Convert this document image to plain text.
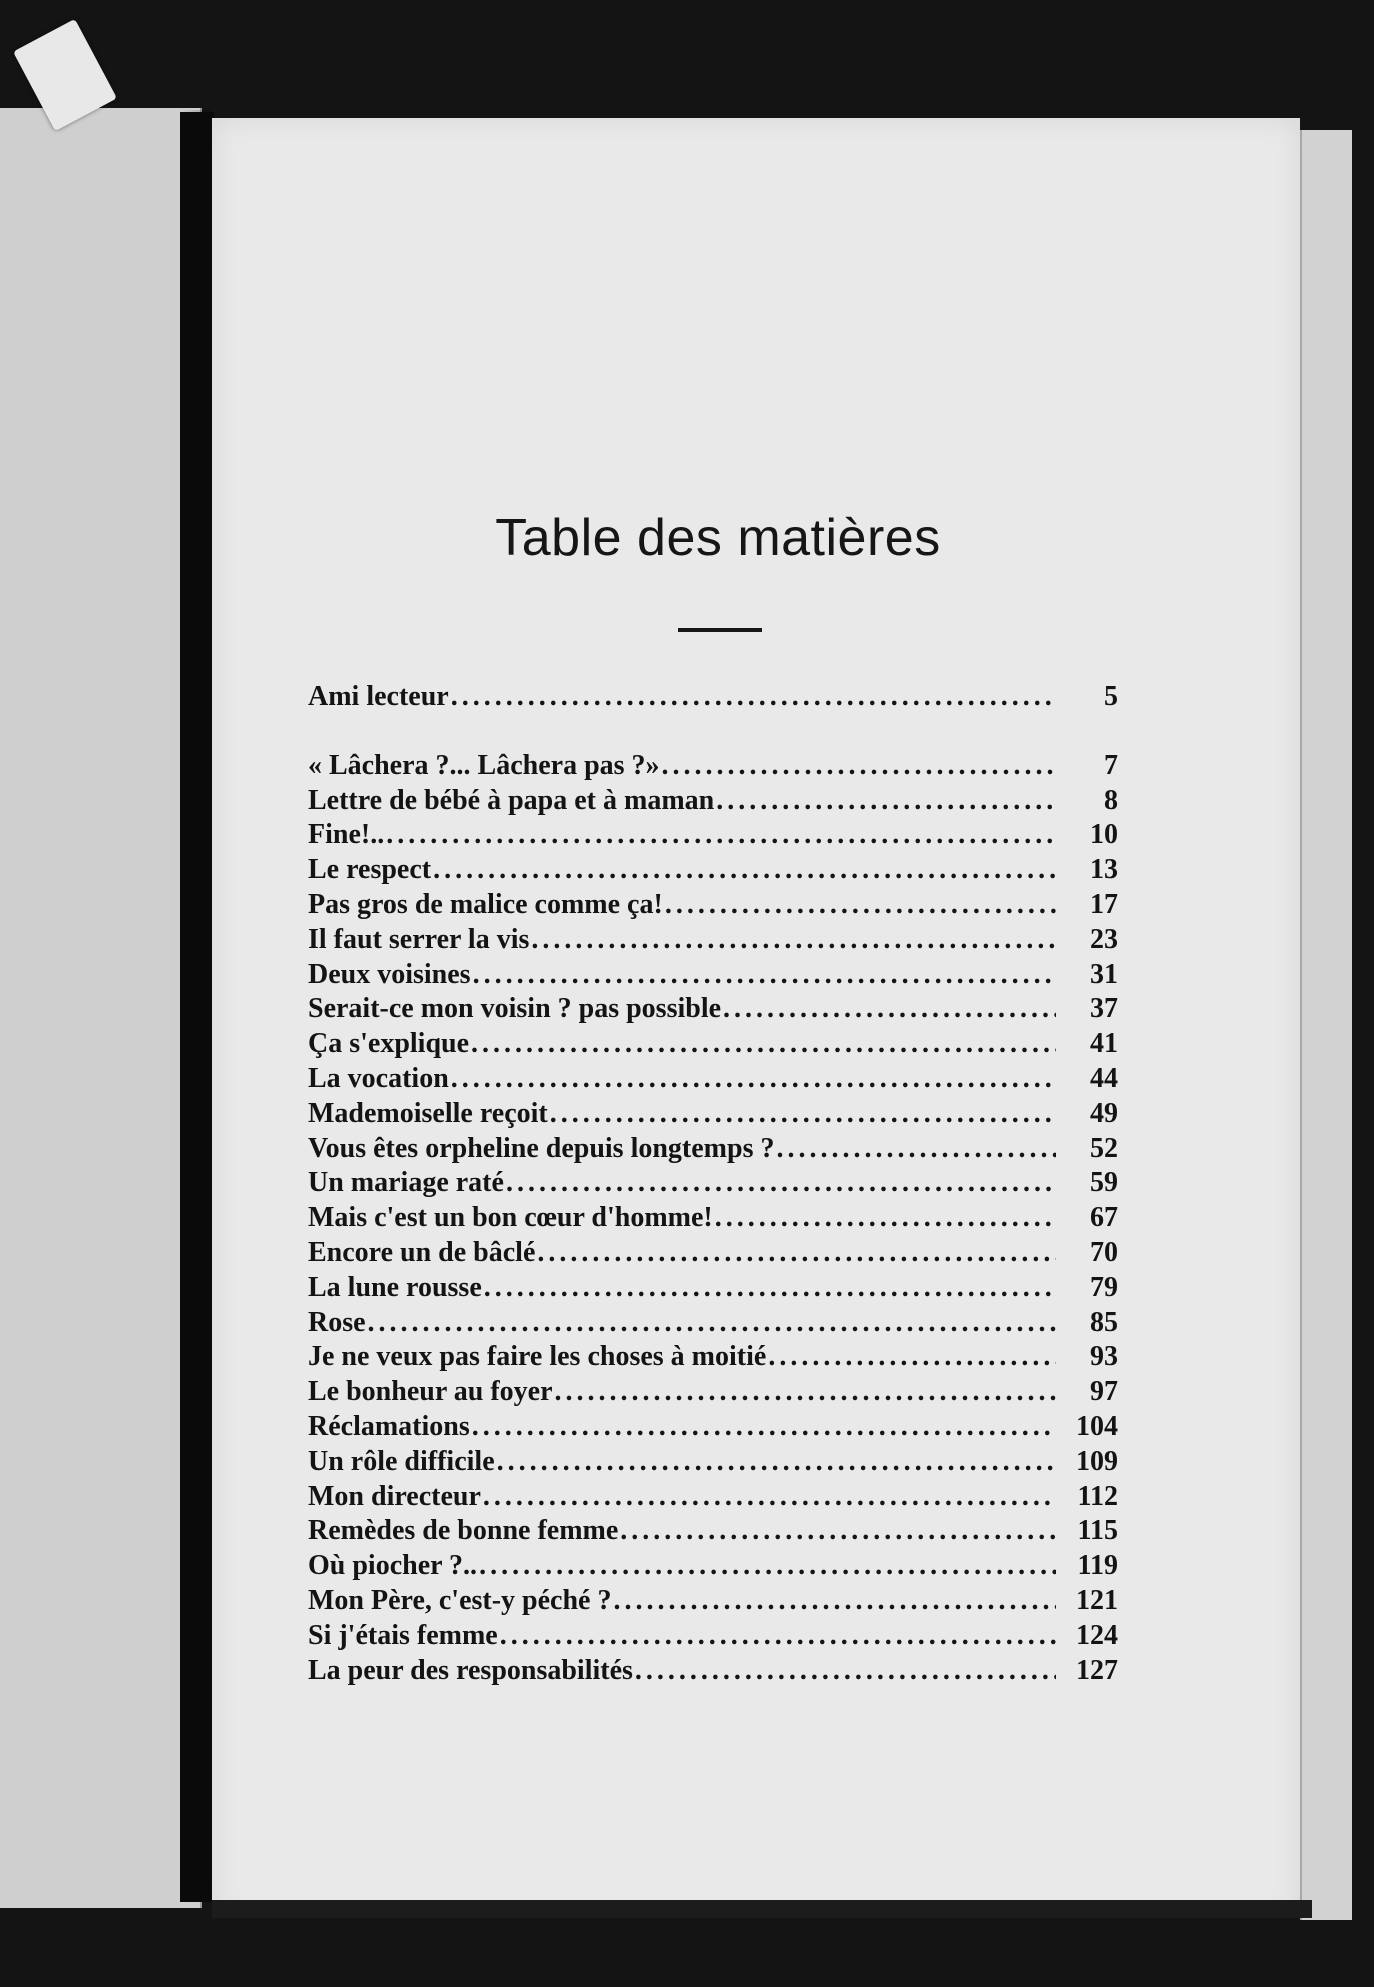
Table des matières
Ami lecteur .....	5
« Lâchera ?... Lâchera pas ?» .....	7
Lettre de bébé à papa et à maman .....	8
Fine!.. .....	10
Le respect .....	13
Pas gros de malice comme ça! .....	17
Il faut serrer la vis .....	23
Deux voisines .....	31
Serait-ce mon voisin ? pas possible .....	37
Ça s'explique .....	41
La vocation .....	44
Mademoiselle reçoit .....	49
Vous êtes orpheline depuis longtemps ? .....	52
Un mariage raté .....	59
Mais c'est un bon cœur d'homme! .....	67
Encore un de bâclé .....	70
La lune rousse .....	79
Rose .....	85
Je ne veux pas faire les choses à moitié .....	93
Le bonheur au foyer .....	97
Réclamations .....	104
Un rôle difficile .....	109
Mon directeur .....	112
Remèdes de bonne femme .....	115
Où piocher ?.. .....	119
Mon Père, c'est-y péché ? .....	121
Si j'étais femme .....	124
La peur des responsabilités .....	127
